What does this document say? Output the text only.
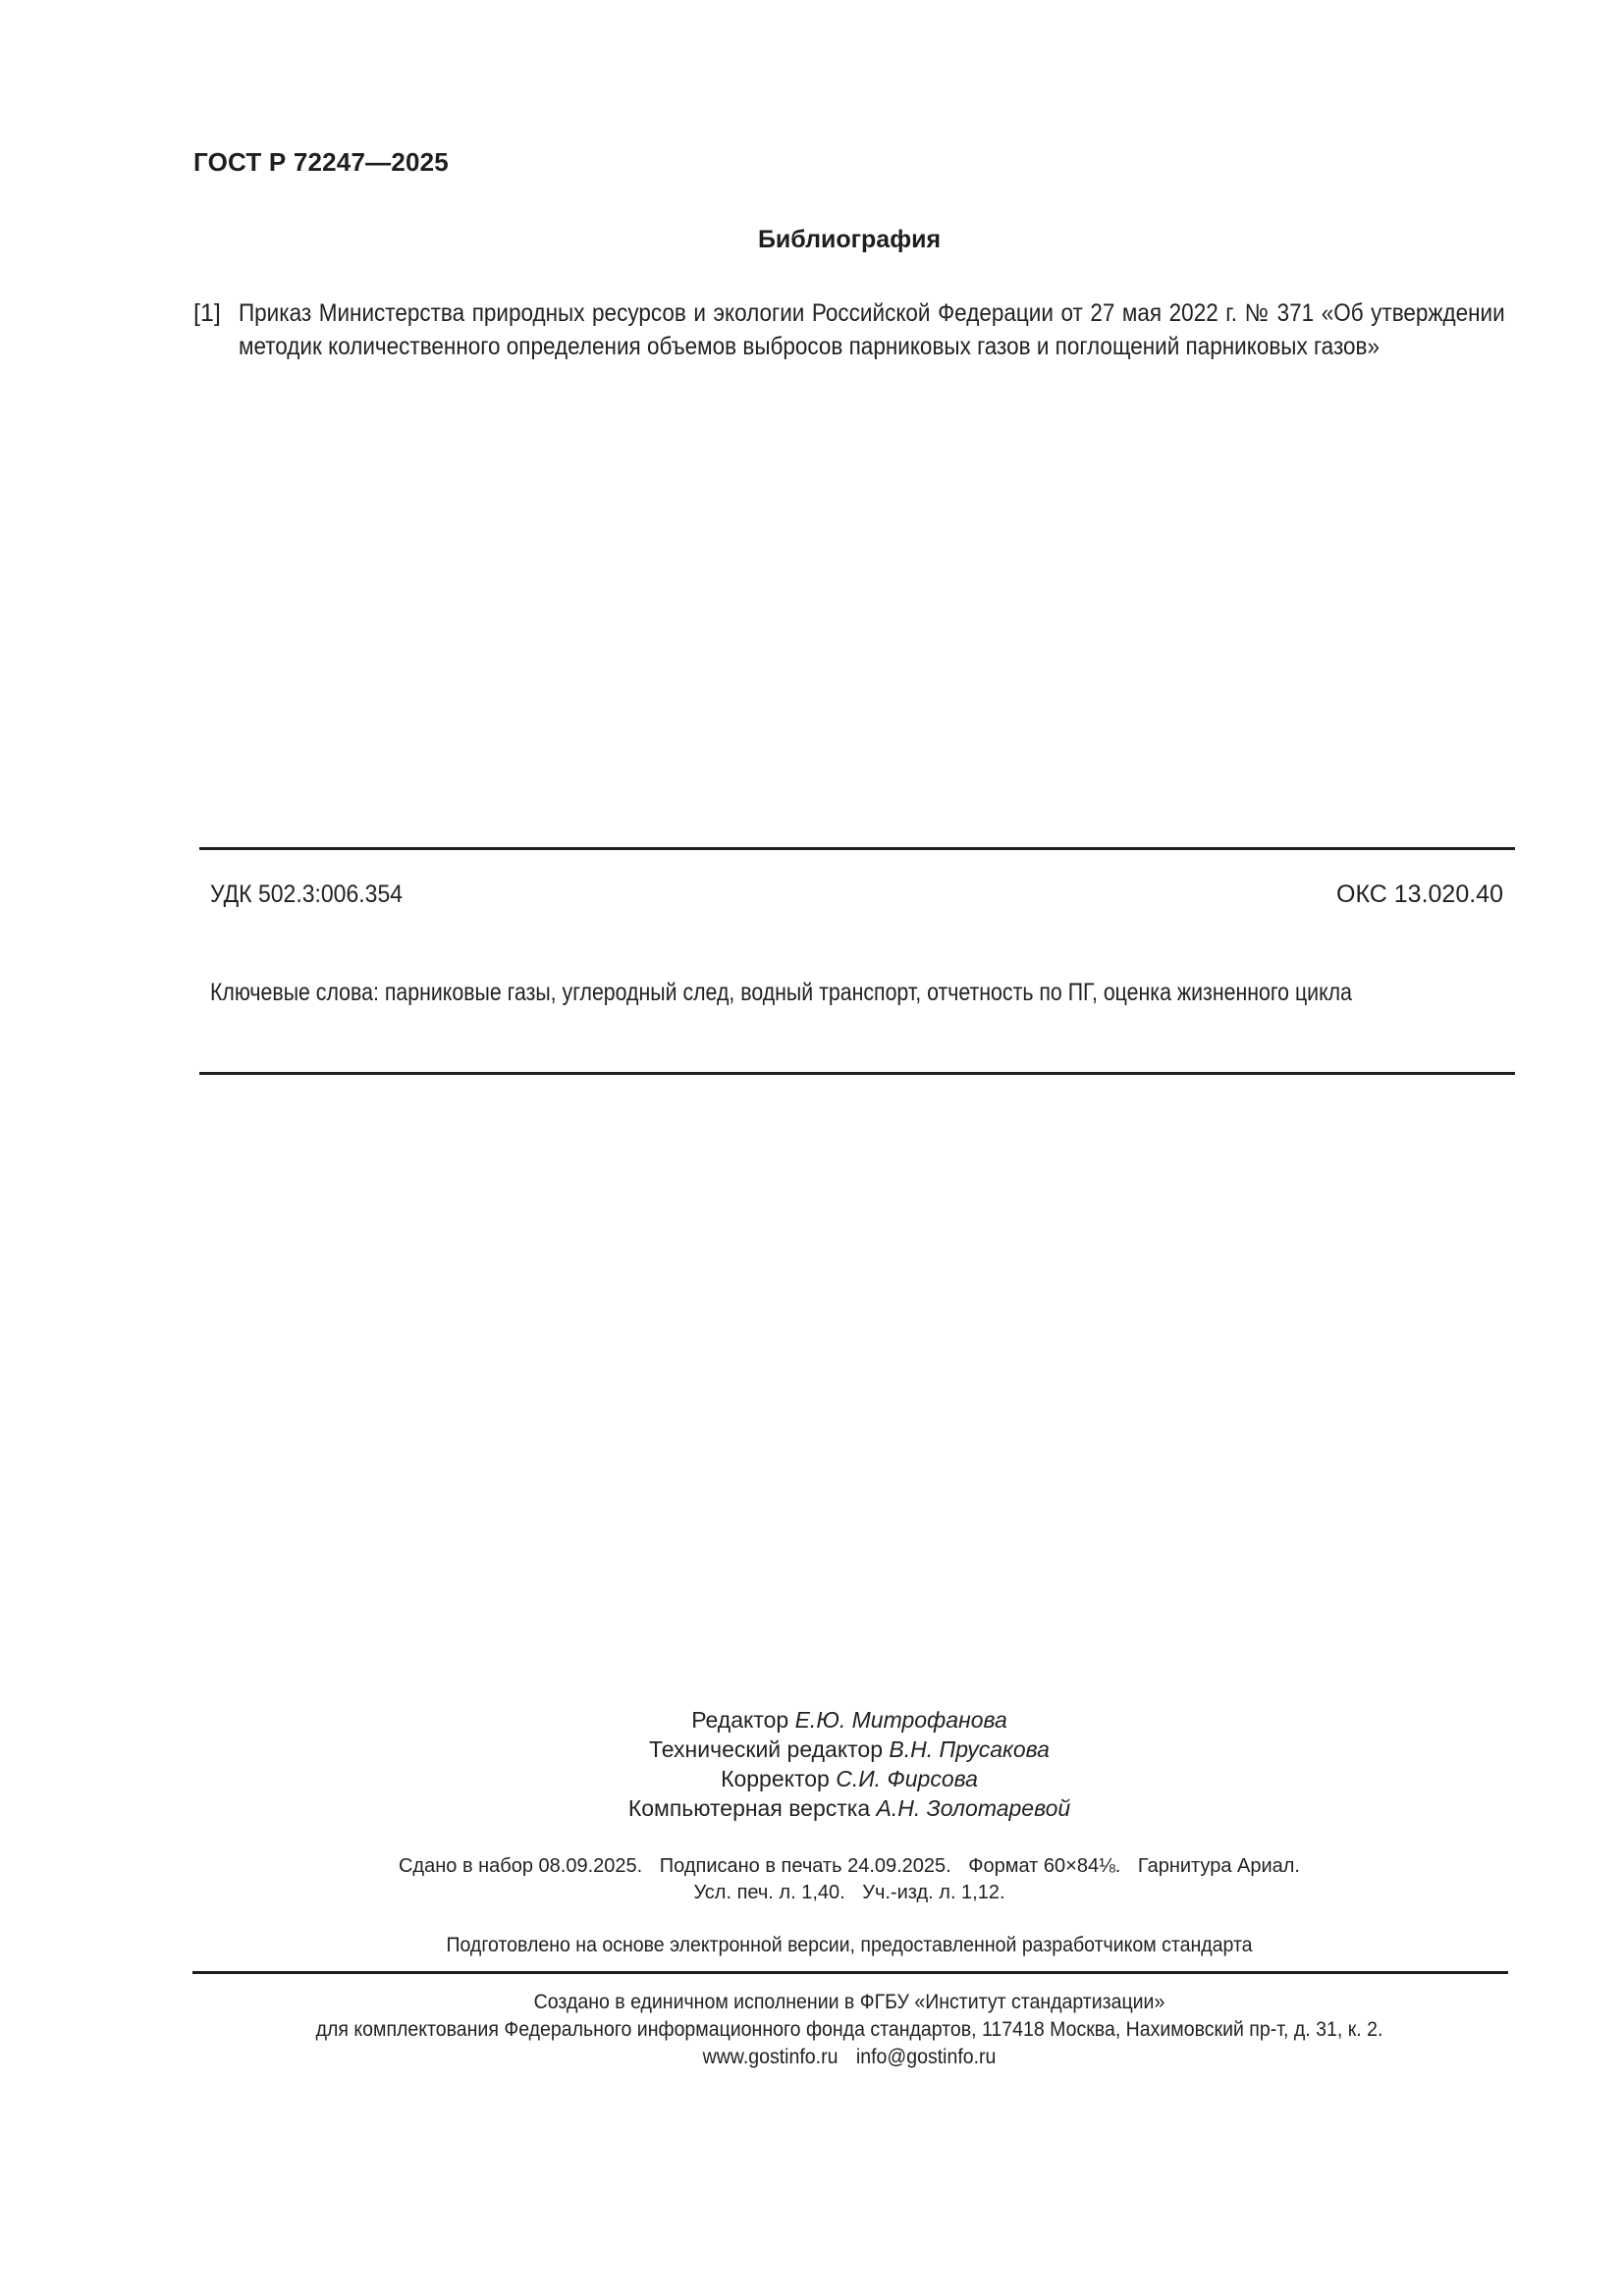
ГОСТ Р 72247—2025
Библиография
[1] Приказ Министерства природных ресурсов и экологии Российской Федерации от 27 мая 2022 г. № 371 «Об утверждении методик количественного определения объемов выбросов парниковых газов и поглощений парниковых газов»
УДК 502.3:006.354	ОКС 13.020.40
Ключевые слова: парниковые газы, углеродный след, водный транспорт, отчетность по ПГ, оценка жизненного цикла
Редактор Е.Ю. Митрофанова
Технический редактор В.Н. Прусакова
Корректор С.И. Фирсова
Компьютерная верстка А.Н. Золотаревой
Сдано в набор 08.09.2025. Подписано в печать 24.09.2025. Формат 60×84⅛. Гарнитура Ариал.
Усл. печ. л. 1,40. Уч.-изд. л. 1,12.
Подготовлено на основе электронной версии, предоставленной разработчиком стандарта
Создано в единичном исполнении в ФГБУ «Институт стандартизации»
для комплектования Федерального информационного фонда стандартов, 117418 Москва, Нахимовский пр-т, д. 31, к. 2.
www.gostinfo.ru info@gostinfo.ru
